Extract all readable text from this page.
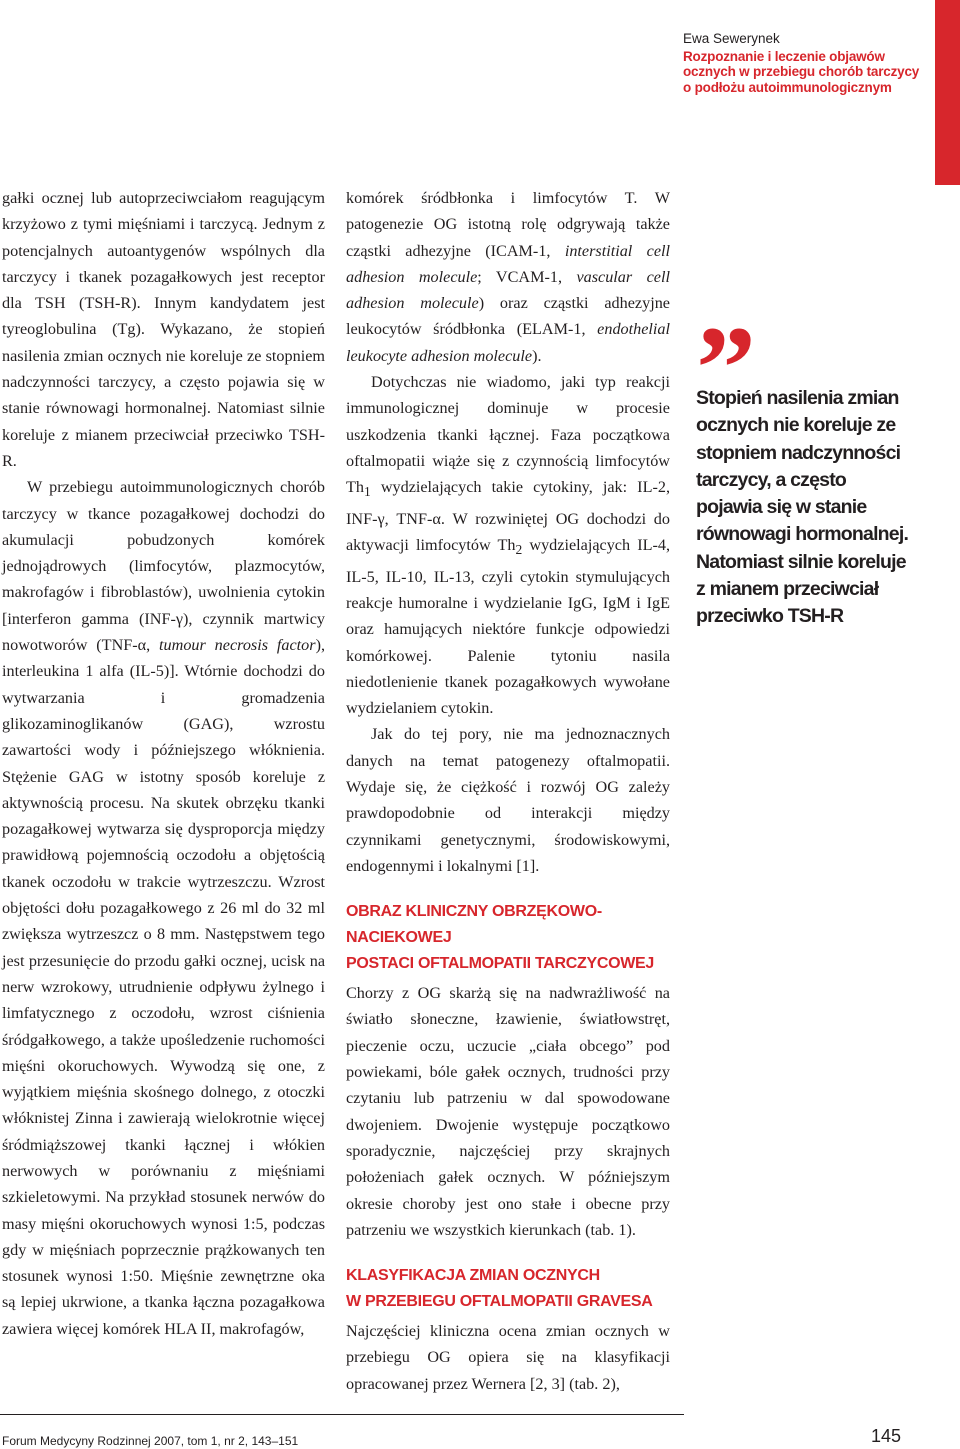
Ewa Sewerynek
Rozpoznanie i leczenie objawów ocznych w przebiegu chorób tarczycy o podłożu autoimmunologicznym

gałki ocznej lub autoprzeciwciałom reagującym krzyżowo z tymi mięśniami i tarczycą. Jednym z potencjalnych autoantygenów wspólnych dla tarczycy i tkanek pozagałkowych jest receptor dla TSH (TSH-R). Innym kandydatem jest tyreoglobulina (Tg). Wykazano, że stopień nasilenia zmian ocznych nie koreluje ze stopniem nadczynności tarczycy, a często pojawia się w stanie równowagi hormonalnej. Natomiast silnie koreluje z mianem przeciwciał przeciwko TSH-R.

W przebiegu autoimmunologicznych chorób tarczycy w tkance pozagałkowej dochodzi do akumulacji pobudzonych komórek jednojądrowych (limfocytów, plazmocytów, makrofagów i fibroblastów), uwolnienia cytokin [interferon gamma (INF-γ), czynnik martwicy nowotworów (TNF-α, tumour necrosis factor), interleukina 1 alfa (IL-5)]. Wtórnie dochodzi do wytwarzania i gromadzenia glikozaminoglikanów (GAG), wzrostu zawartości wody i późniejszego włóknienia. Stężenie GAG w istotny sposób koreluje z aktywnością procesu. Na skutek obrzęku tkanki pozagałkowej wytwarza się dysproporcja między prawidłową pojemnością oczodołu a objętością tkanek oczodołu w trakcie wytrzeszczu. Wzrost objętości dołu pozagałkowego z 26 ml do 32 ml zwiększa wytrzeszcz o 8 mm. Następstwem tego jest przesunięcie do przodu gałki ocznej, ucisk na nerw wzrokowy, utrudnienie odpływu żylnego i limfatycznego z oczodołu, wzrost ciśnienia śródgałkowego, a także upośledzenie ruchomości mięśni okoruchowych. Wywodzą się one, z wyjątkiem mięśnia skośnego dolnego, z otoczki włóknistej Zinna i zawierają wielokrotnie więcej śródmiąższowej tkanki łącznej i włókien nerwowych w porównaniu z mięśniami szkieletowymi. Na przykład stosunek nerwów do masy mięśni okoruchowych wynosi 1:5, podczas gdy w mięśniach poprzecznie prążkowanych ten stosunek wynosi 1:50. Mięśnie zewnętrzne oka są lepiej ukrwione, a tkanka łączna pozagałkowa zawiera więcej komórek HLA II, makrofagów,

komórek śródbłonka i limfocytów T. W patogenezie OG istotną rolę odgrywają także cząstki adhezyjne (ICAM-1, interstitial cell adhesion molecule; VCAM-1, vascular cell adhesion molecule) oraz cząstki adhezyjne leukocytów śródbłonka (ELAM-1, endothelial leukocyte adhesion molecule).

Dotychczas nie wiadomo, jaki typ reakcji immunologicznej dominuje w procesie uszkodzenia tkanki łącznej. Faza początkowa oftalmopatii wiąże się z czynnością limfocytów $Th_1$ wydzielających takie cytokiny, jak: IL-2, INF-γ, TNF-α. W rozwiniętej OG dochodzi do aktywacji limfocytów $Th_2$ wydzielających IL-4, IL-5, IL-10, IL-13, czyli cytokin stymulujących reakcje humoralne i wydzielanie IgG, IgM i IgE oraz hamujących niektóre funkcje odpowiedzi komórkowej. Palenie tytoniu nasila niedotlenienie tkanek pozagałkowych wywołane wydzielaniem cytokin.

Jak do tej pory, nie ma jednoznacznych danych na temat patogenezy oftalmopatii. Wydaje się, że ciężkość i rozwój OG zależy prawdopodobnie od interakcji między czynnikami genetycznymi, środowiskowymi, endogennymi i lokalnymi [1].

OBRAZ KLINICZNY OBRZĘKOWO-NACIEKOWEJ
POSTACI OFTALMOPATII TARCZYCOWEJ

Chorzy z OG skarżą się na nadwrażliwość na światło słoneczne, łzawienie, światłowstręt, pieczenie oczu, uczucie „ciała obcego” pod powiekami, bóle gałek ocznych, trudności przy czytaniu lub patrzeniu w dal spowodowane dwojeniem. Dwojenie występuje początkowo sporadycznie, najczęściej przy skrajnych położeniach gałek ocznych. W późniejszym okresie choroby jest ono stałe i obecne przy patrzeniu we wszystkich kierunkach (tab. 1).

KLASYFIKACJA ZMIAN OCZNYCH
W PRZEBIEGU OFTALMOPATII GRAVESA

Najczęściej kliniczna ocena zmian ocznych w przebiegu OG opiera się na klasyfikacji opracowanej przez Wernera [2, 3] (tab. 2),

”
Stopień nasilenia zmian ocznych nie koreluje ze stopniem nadczynności tarczycy, a często pojawia się w stanie równowagi hormonalnej. Natomiast silnie koreluje z mianem przeciwciał przeciwko TSH-R
Forum Medycyny Rodzinnej 2007, tom 1, nr 2, 143–151	145
